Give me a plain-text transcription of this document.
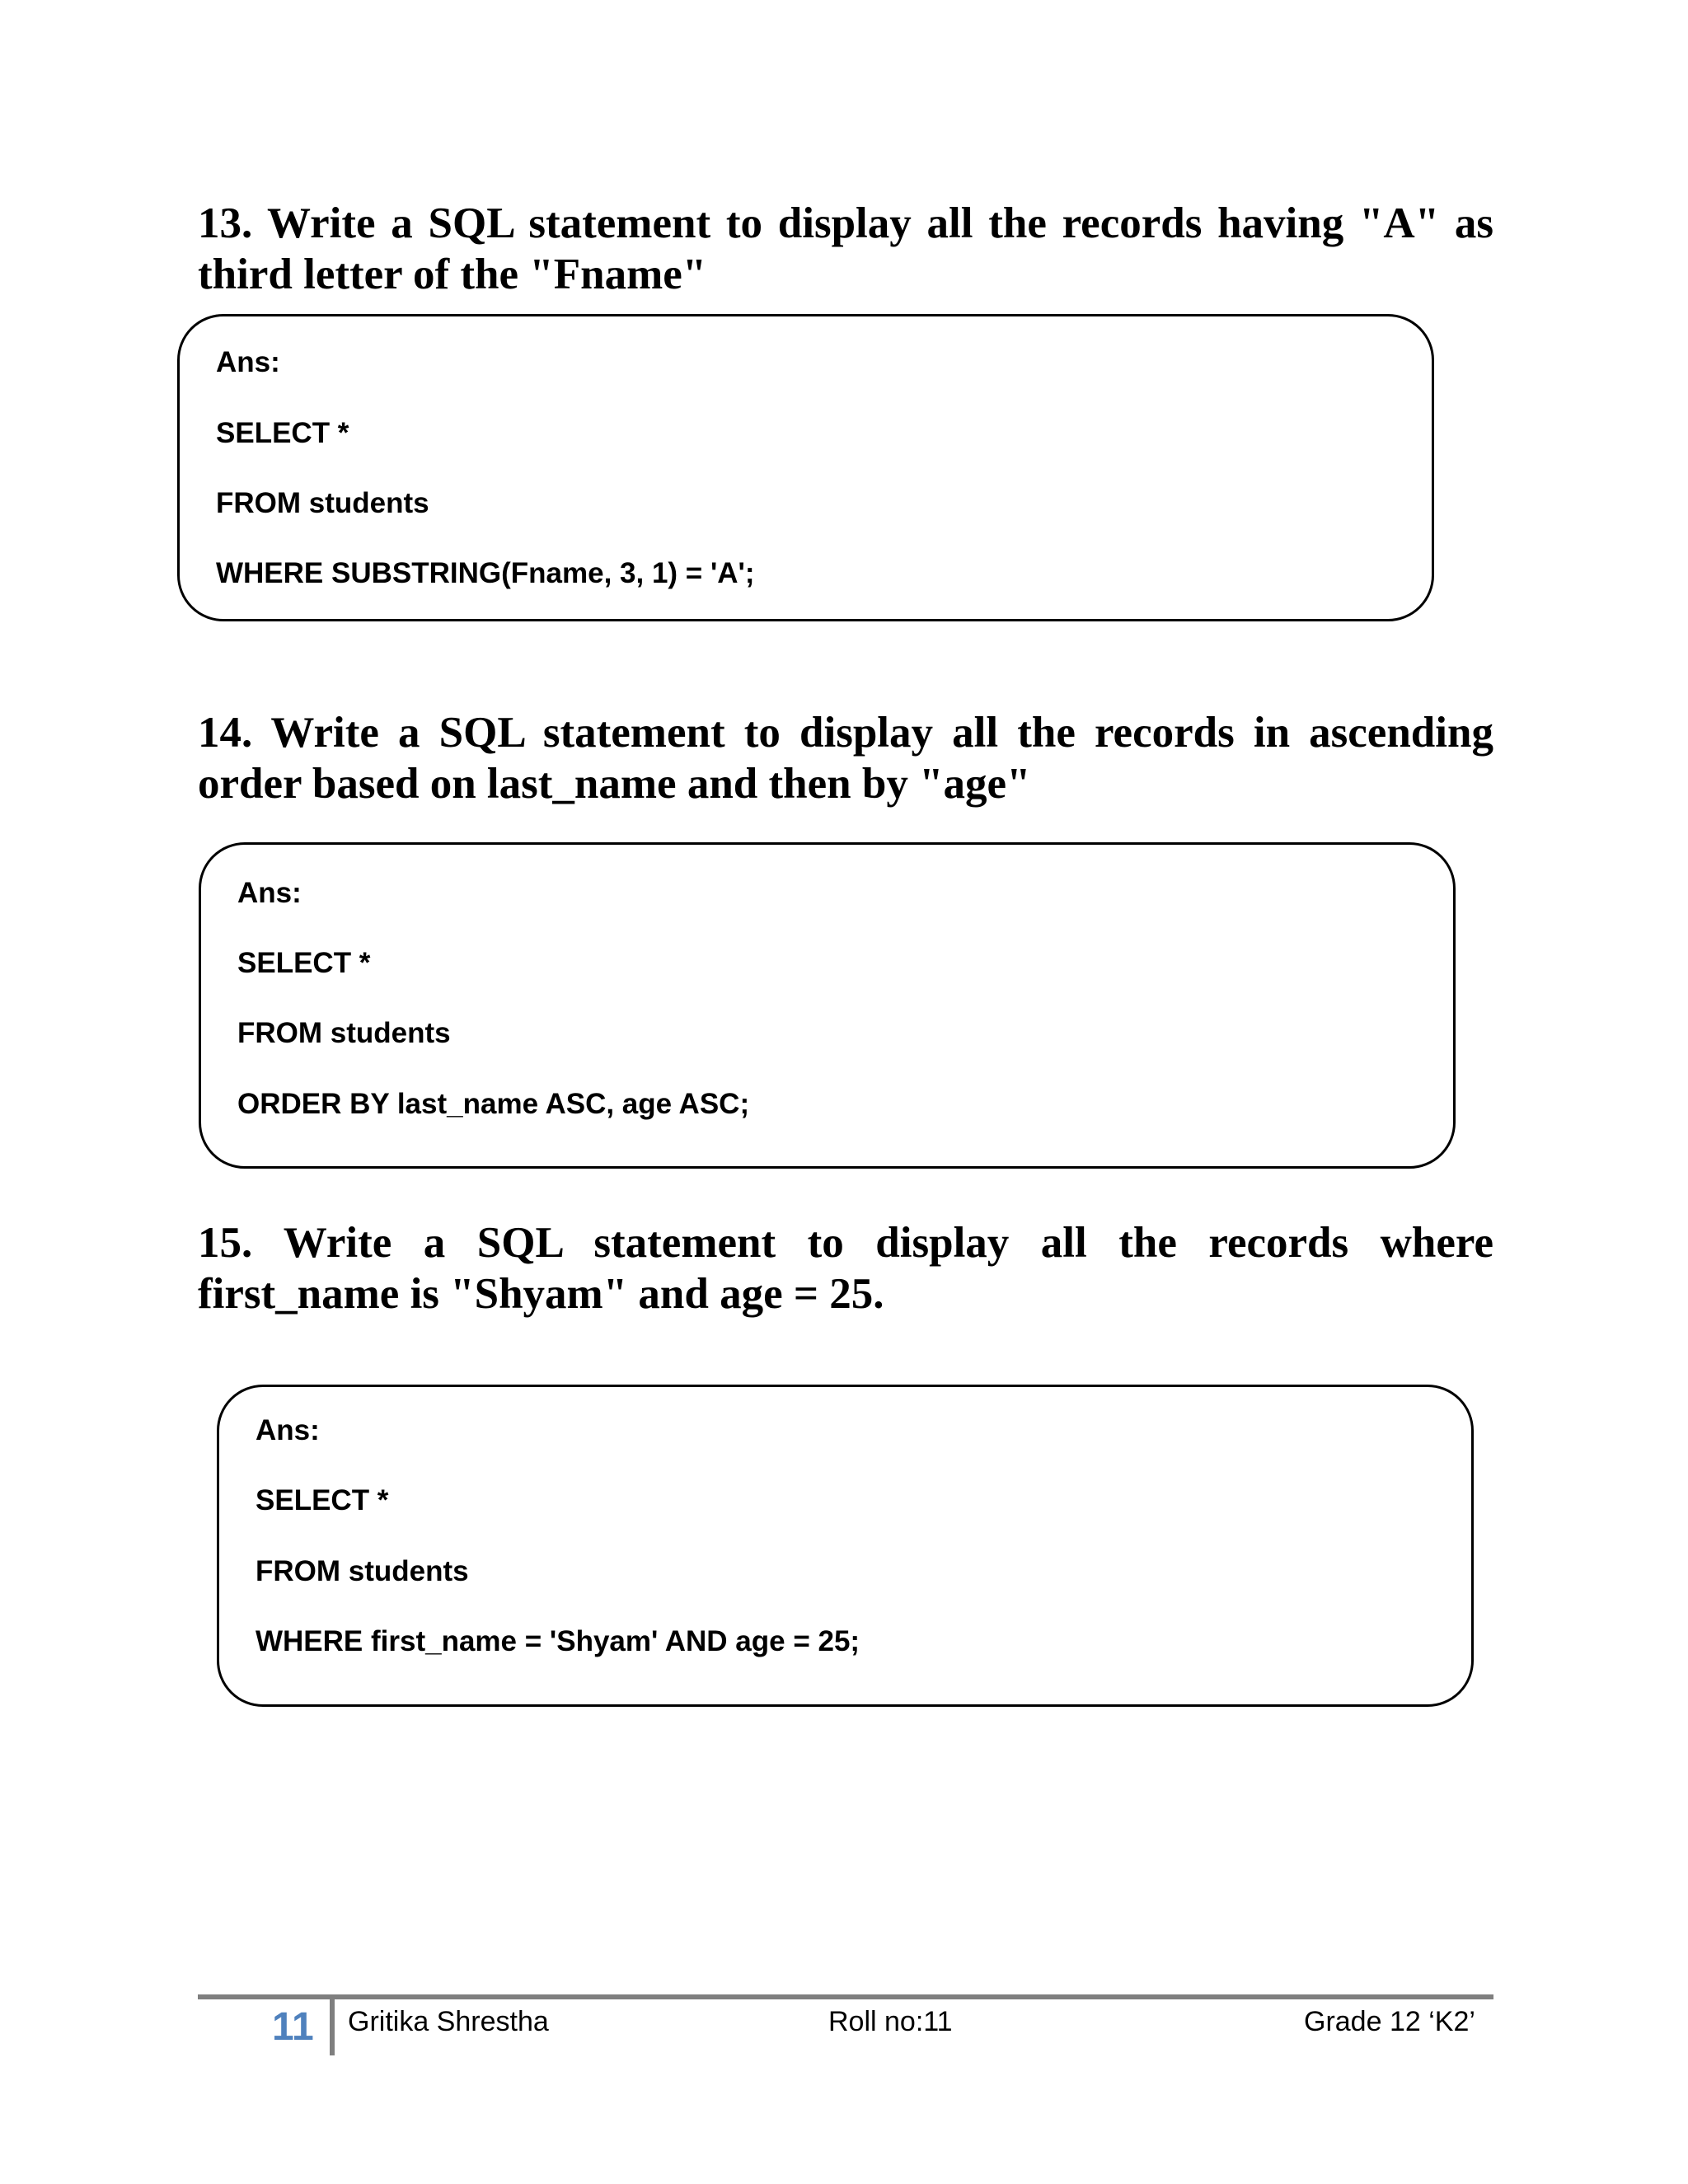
13. Write a SQL statement to display all the records having "A" as third letter of the "Fname"

Ans:
SELECT *
FROM students
WHERE SUBSTRING(Fname, 3, 1) = 'A';

14. Write a SQL statement to display all the records in ascending order based on last_name and then by "age"

Ans:
SELECT *
FROM students
ORDER BY last_name ASC, age ASC;

15. Write a SQL statement to display all the records where first_name is "Shyam" and age = 25.

Ans:
SELECT *
FROM students
WHERE first_name = 'Shyam' AND age = 25;
11 Gritika Shrestha	Roll no:11	Grade 12 ‘K2’
